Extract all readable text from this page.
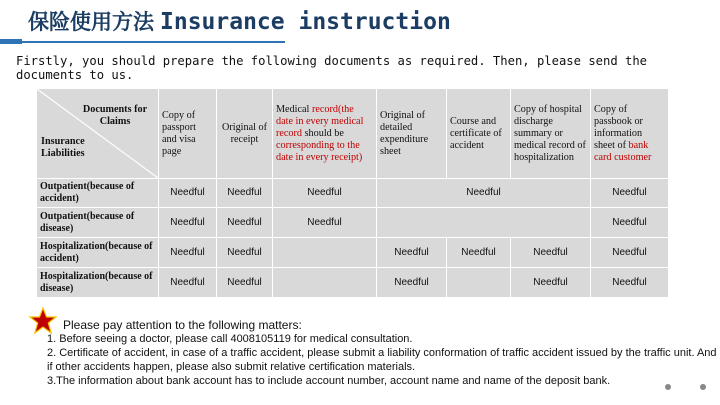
保险使用方法 Insurance instruction
Firstly, you should prepare the following documents as required. Then, please send the documents to us.
Documents for Claims
Insurance Liabilities	Copy of passport and visa page	Original of receipt	Medical record(the date in every medical record should be corresponding to the date in every receipt)	Original of detailed expenditure sheet	Course and certificate of accident	Copy of hospital discharge summary or medical record of hospitalization	Copy of passbook or information sheet of bank card customer
Outpatient(because of accident)	Needful	Needful	Needful	Needful			Needful
Outpatient(because of disease)	Needful	Needful	Needful				Needful
Hospitalization(because of accident)	Needful	Needful		Needful	Needful	Needful	Needful
Hospitalization(because of disease)	Needful	Needful		Needful		Needful	Needful
Please pay attention to the following matters:
1. Before seeing a doctor, please call 4008105119 for medical consultation.
2. Certificate of accident, in case of a traffic accident, please submit a liability conformation of traffic accident issued by the traffic unit. And if other accidents happen, please also submit relative certification materials.
3.The information about bank account has to include account number, account name and name of the deposit bank.
